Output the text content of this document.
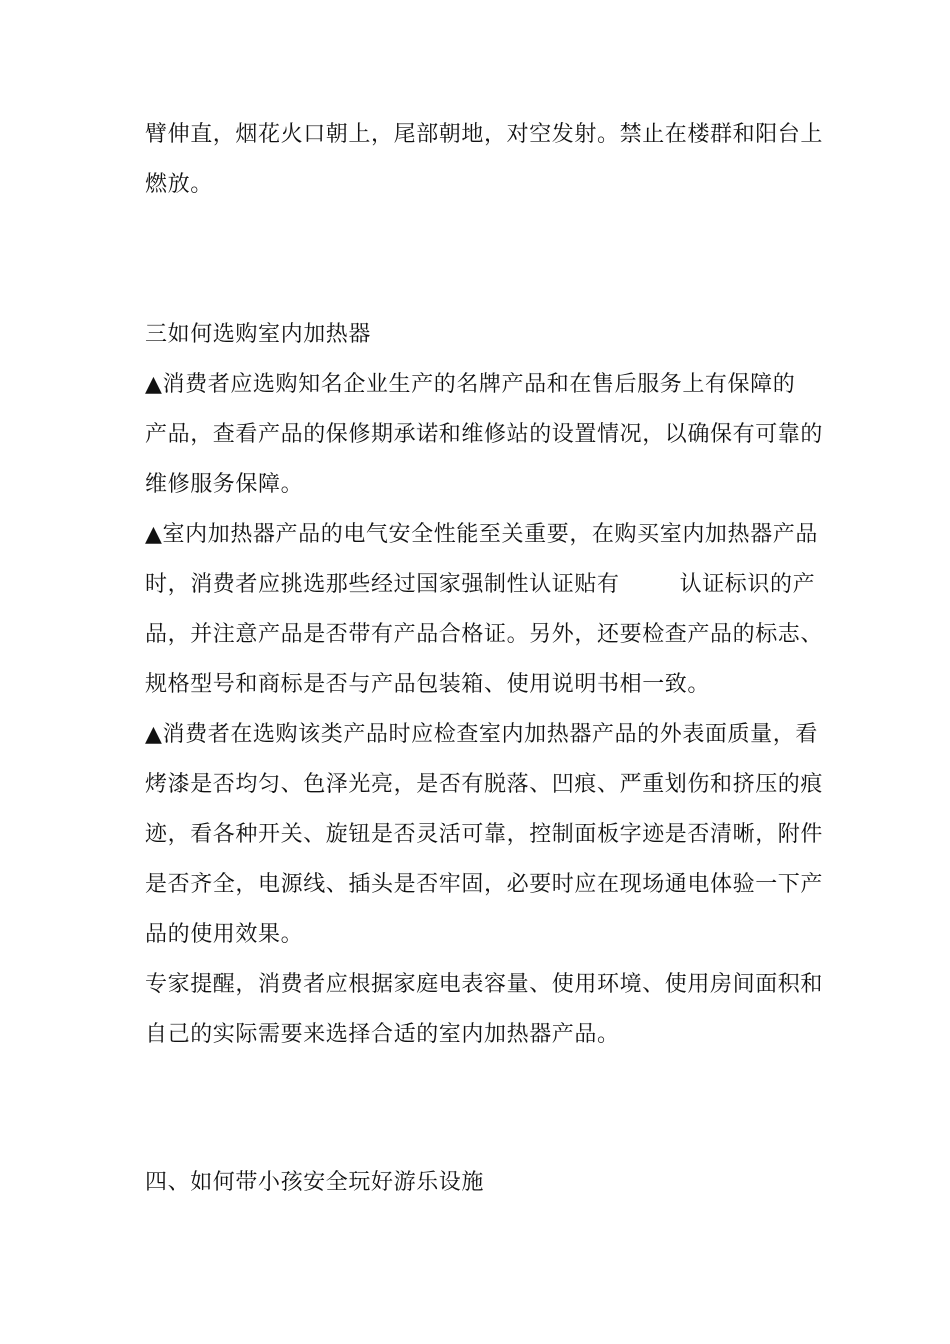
臂伸直，烟花火口朝上，尾部朝地，对空发射。禁止在楼群和阳台上
燃放。
三如何选购室内加热器
▲消费者应选购知名企业生产的名牌产品和在售后服务上有保障的
产品，查看产品的保修期承诺和维修站的设置情况，以确保有可靠的
维修服务保障。
▲室内加热器产品的电气安全性能至关重要，在购买室内加热器产品
时，消费者应挑选那些经过国家强制性认证贴有	认证标识的产
品，并注意产品是否带有产品合格证。另外，还要检查产品的标志、
规格型号和商标是否与产品包装箱、使用说明书相一致。
▲消费者在选购该类产品时应检查室内加热器产品的外表面质量，看
烤漆是否均匀、色泽光亮，是否有脱落、凹痕、严重划伤和挤压的痕
迹，看各种开关、旋钮是否灵活可靠，控制面板字迹是否清晰，附件
是否齐全，电源线、插头是否牢固，必要时应在现场通电体验一下产
品的使用效果。
专家提醒，消费者应根据家庭电表容量、使用环境、使用房间面积和
自己的实际需要来选择合适的室内加热器产品。
四、如何带小孩安全玩好游乐设施
